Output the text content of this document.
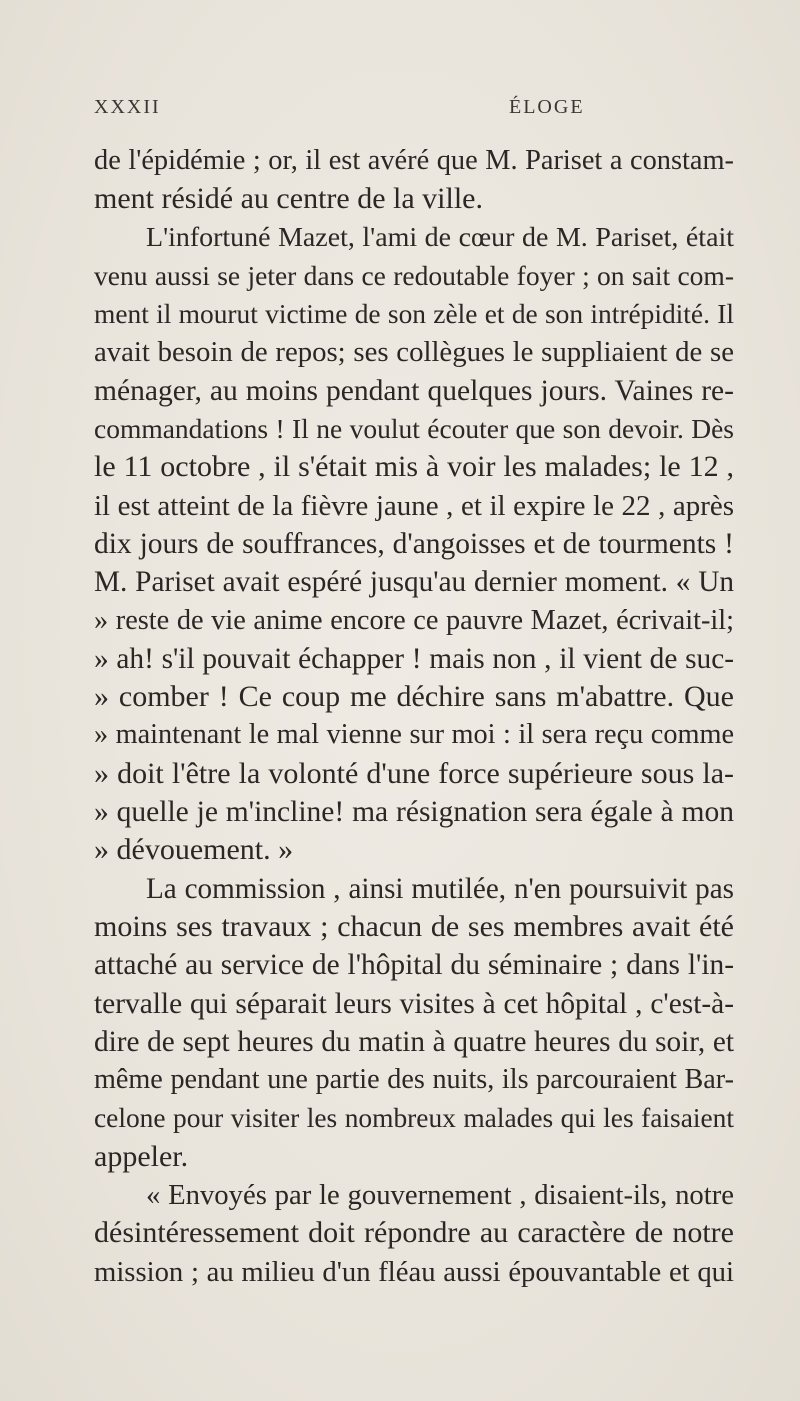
XXXII	ÉLOGE
de l'épidémie ; or, il est avéré que M. Pariset a constam-
ment résidé au centre de la ville.
L'infortuné Mazet, l'ami de cœur de M. Pariset, était
venu aussi se jeter dans ce redoutable foyer ; on sait com-
ment il mourut victime de son zèle et de son intrépidité. Il
avait besoin de repos; ses collègues le suppliaient de se
ménager, au moins pendant quelques jours. Vaines re-
commandations ! Il ne voulut écouter que son devoir. Dès
le 11 octobre , il s'était mis à voir les malades; le 12 ,
il est atteint de la fièvre jaune , et il expire le 22 , après
dix jours de souffrances, d'angoisses et de tourments !
M. Pariset avait espéré jusqu'au dernier moment. « Un
» reste de vie anime encore ce pauvre Mazet, écrivait-il;
» ah! s'il pouvait échapper ! mais non , il vient de suc-
» comber ! Ce coup me déchire sans m'abattre. Que
» maintenant le mal vienne sur moi : il sera reçu comme
» doit l'être la volonté d'une force supérieure sous la-
» quelle je m'incline! ma résignation sera égale à mon
» dévouement. »
La commission , ainsi mutilée, n'en poursuivit pas
moins ses travaux ; chacun de ses membres avait été
attaché au service de l'hôpital du séminaire ; dans l'in-
tervalle qui séparait leurs visites à cet hôpital , c'est-à-
dire de sept heures du matin à quatre heures du soir, et
même pendant une partie des nuits, ils parcouraient Bar-
celone pour visiter les nombreux malades qui les faisaient
appeler.
« Envoyés par le gouvernement , disaient-ils, notre
désintéressement doit répondre au caractère de notre
mission ; au milieu d'un fléau aussi épouvantable et qui
